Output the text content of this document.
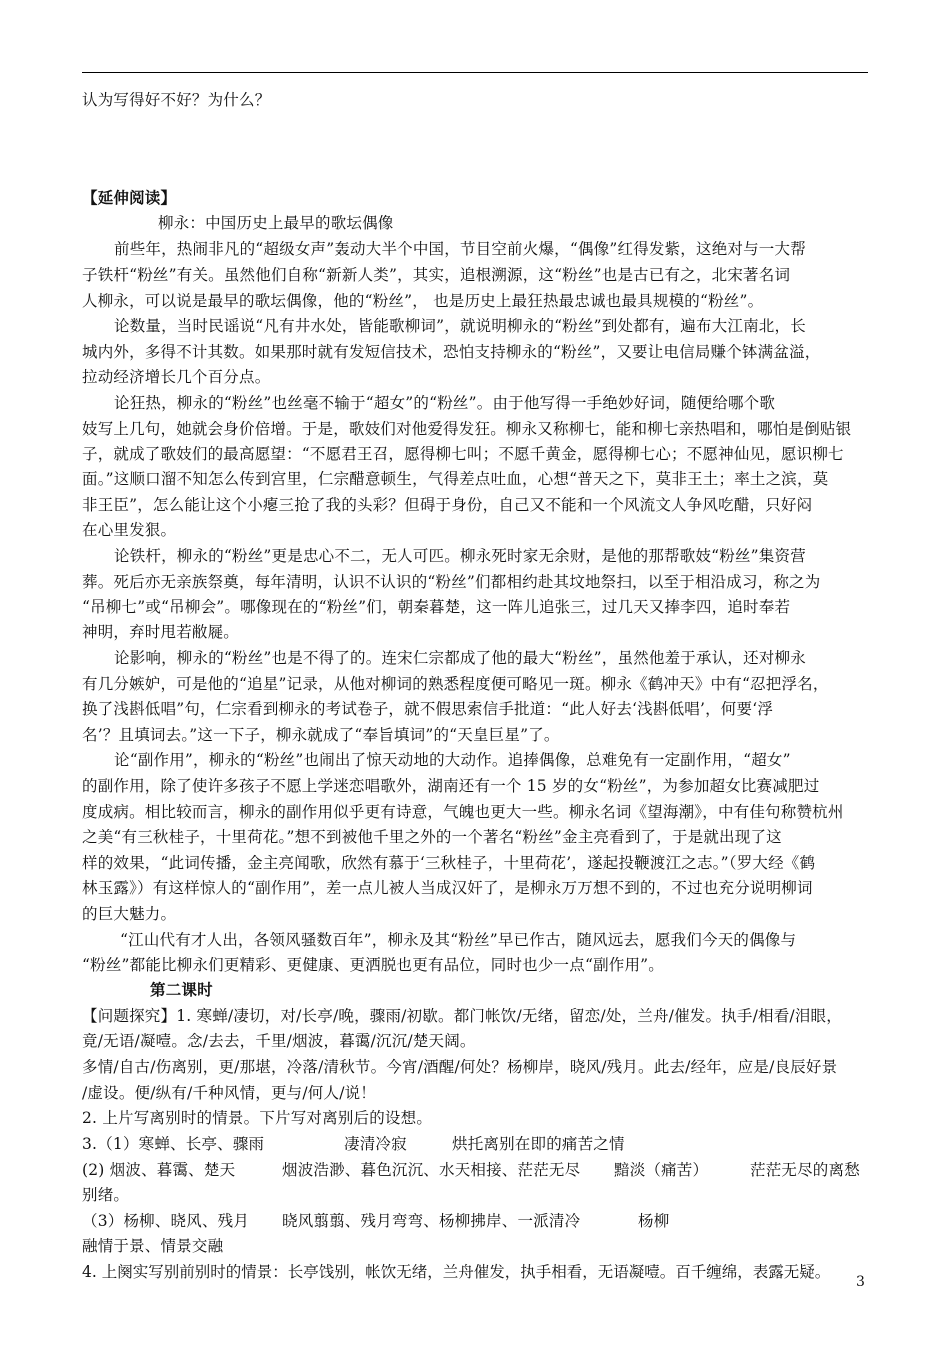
认为写得好不好？为什么？
【延伸阅读】
柳永：中国历史上最早的歌坛偶像
前些年，热闹非凡的“超级女声”轰动大半个中国，节目空前火爆，“偶像”红得发紫，这绝对与一大帮
子铁杆“粉丝”有关。虽然他们自称“新新人类”，其实，追根溯源，这“粉丝”也是古已有之，北宋著名词
人柳永，可以说是最早的歌坛偶像，他的“粉丝”， 也是历史上最狂热最忠诚也最具规模的“粉丝”。
论数量，当时民谣说“凡有井水处，皆能歌柳词”，就说明柳永的“粉丝”到处都有，遍布大江南北，长
城内外，多得不计其数。如果那时就有发短信技术，恐怕支持柳永的“粉丝”，又要让电信局赚个钵满盆溢，
拉动经济增长几个百分点。
论狂热，柳永的“粉丝”也丝毫不输于“超女”的“粉丝”。由于他写得一手绝妙好词，随便给哪个歌
妓写上几句，她就会身价倍增。于是，歌妓们对他爱得发狂。柳永又称柳七，能和柳七亲热唱和，哪怕是倒贴银
子，就成了歌妓们的最高愿望：“不愿君王召，愿得柳七叫；不愿千黄金，愿得柳七心；不愿神仙见，愿识柳七
面。”这顺口溜不知怎么传到宫里，仁宗醋意顿生，气得差点吐血，心想“普天之下，莫非王土；率土之滨，莫
非王臣”，怎么能让这个小瘪三抢了我的头彩？但碍于身份，自己又不能和一个风流文人争风吃醋，只好闷
在心里发狠。
论铁杆，柳永的“粉丝”更是忠心不二，无人可匹。柳永死时家无余财，是他的那帮歌妓“粉丝”集资营
葬。死后亦无亲族祭奠，每年清明，认识不认识的“粉丝”们都相约赴其坟地祭扫，以至于相沿成习，称之为
“吊柳七”或“吊柳会”。哪像现在的“粉丝”们，朝秦暮楚，这一阵儿追张三，过几天又捧李四，追时奉若
神明，弃时甩若敝屣。
论影响，柳永的“粉丝”也是不得了的。连宋仁宗都成了他的最大“粉丝”，虽然他羞于承认，还对柳永
有几分嫉妒，可是他的“追星”记录，从他对柳词的熟悉程度便可略见一斑。柳永《鹤冲天》中有“忍把浮名，
换了浅斟低唱”句，仁宗看到柳永的考试卷子，就不假思索信手批道：“此人好去‘浅斟低唱’，何要‘浮
名’？且填词去。”这一下子，柳永就成了“奉旨填词”的“天皇巨星”了。
论“副作用”，柳永的“粉丝”也闹出了惊天动地的大动作。追捧偶像，总难免有一定副作用，“超女”
的副作用，除了使许多孩子不愿上学迷恋唱歌外，湖南还有一个 15 岁的女“粉丝”，为参加超女比赛减肥过
度成病。相比较而言，柳永的副作用似乎更有诗意，气魄也更大一些。柳永名词《望海潮》，中有佳句称赞杭州
之美“有三秋桂子，十里荷花。”想不到被他千里之外的一个著名“粉丝”金主亮看到了，于是就出现了这
样的效果，“此词传播，金主亮闻歌，欣然有慕于‘三秋桂子，十里荷花’，遂起投鞭渡江之志。”（罗大经《鹤
林玉露》）有这样惊人的“副作用”，差一点儿被人当成汉奸了，是柳永万万想不到的，不过也充分说明柳词
的巨大魅力。
“江山代有才人出，各领风骚数百年”，柳永及其“粉丝”早已作古，随风远去，愿我们今天的偶像与
“粉丝”都能比柳永们更精彩、更健康、更洒脱也更有品位，同时也少一点“副作用”。
第二课时
【问题探究】1. 寒蝉/凄切，对/长亭/晚，骤雨/初歇。都门帐饮/无绪，留恋/处，兰舟/催发。执手/相看/泪眼，
竟/无语/凝噎。念/去去，千里/烟波，暮霭/沉沉/楚天阔。
多情/自古/伤离别，更/那堪，冷落/清秋节。今宵/酒醒/何处？杨柳岸，晓风/残月。此去/经年，应是/良辰好景
/虚设。便/纵有/千种风情，更与/何人/说！
2. 上片写离别时的情景。下片写对离别后的设想。
3.（1）寒蝉、长亭、骤雨	凄清冷寂	烘托离别在即的痛苦之情
(2) 烟波、暮霭、楚天	烟波浩渺、暮色沉沉、水天相接、茫茫无尽 黯淡（痛苦）	茫茫无尽的离愁
别绪。
（3）杨柳、晓风、残月 晓风翦翦、残月弯弯、杨柳拂岸、一派清冷	杨柳
融情于景、情景交融
4. 上阕实写别前别时的情景：长亭饯别，帐饮无绪，兰舟催发，执手相看，无语凝噎。百千缠绵，表露无疑。
3
